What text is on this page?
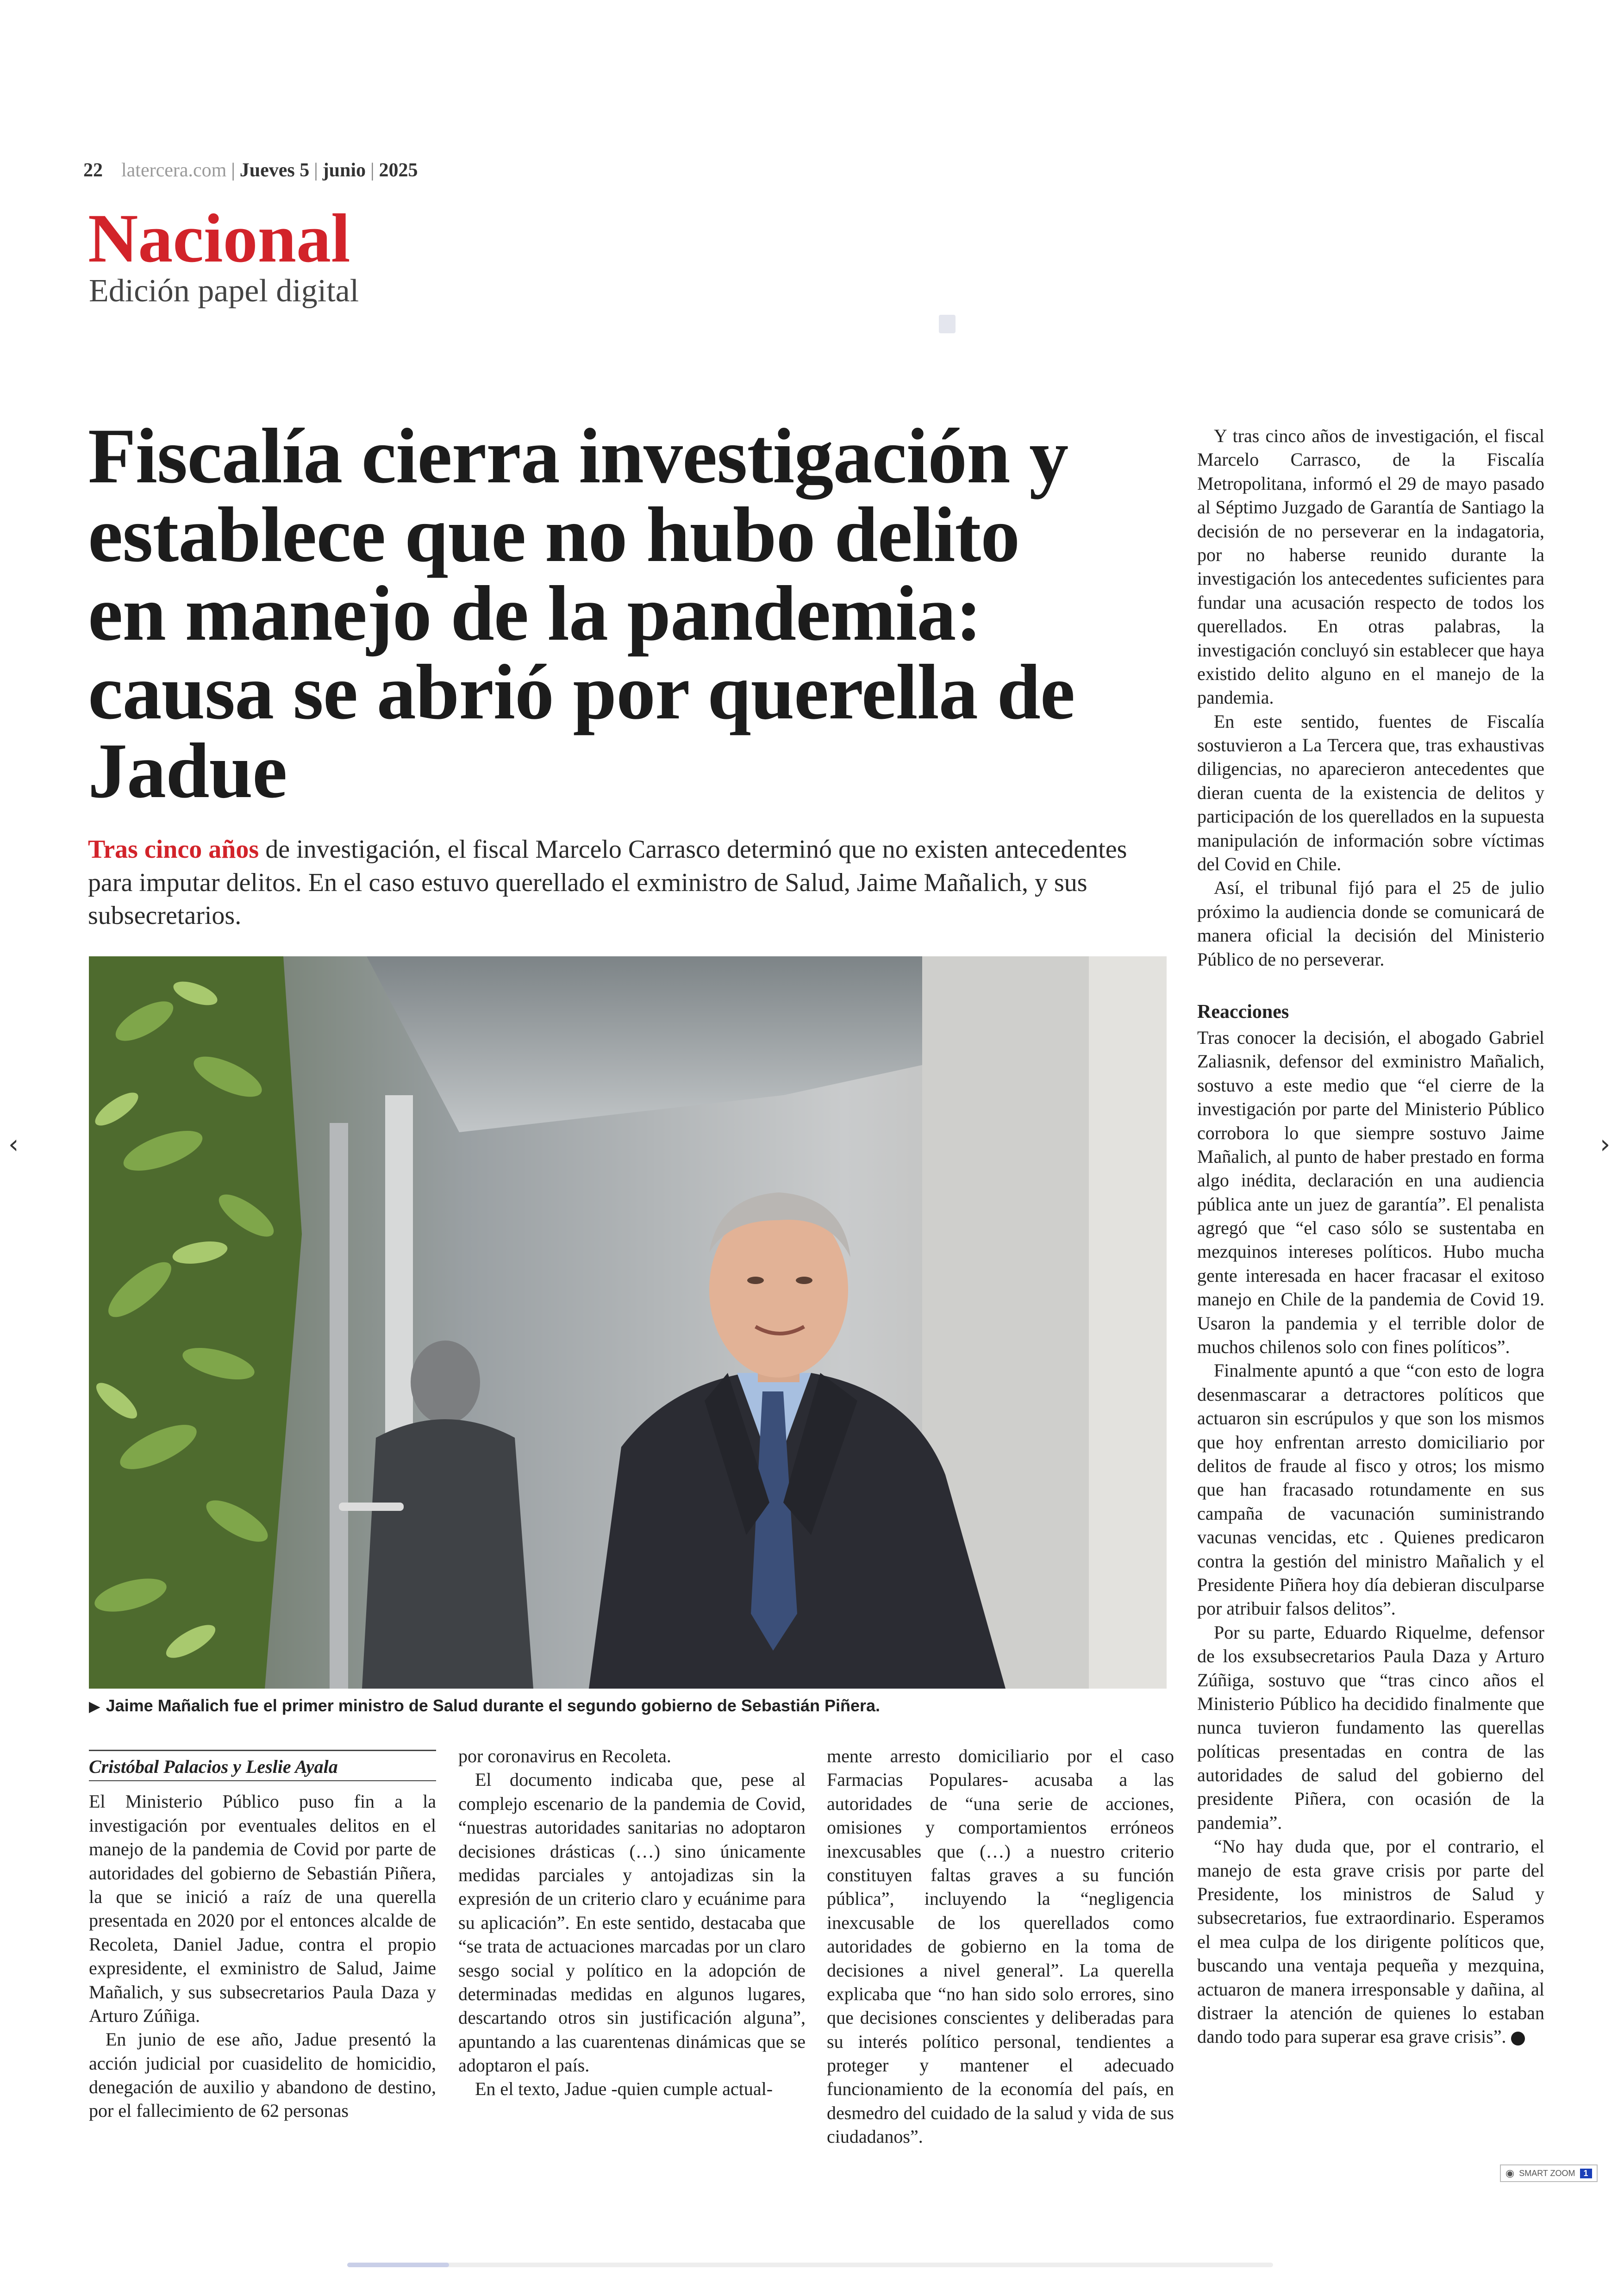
22 latercera.com | Jueves 5 | junio | 2025
Nacional
Edición papel digital
Fiscalía cierra investigación y establece que no hubo delito en manejo de la pandemia: causa se abrió por querella de Jadue
Tras cinco años de investigación, el fiscal Marcelo Carrasco determinó que no existen antecedentes para imputar delitos. En el caso estuvo querellado el exministro de Salud, Jaime Mañalich, y sus subsecretarios.
▶ Jaime Mañalich fue el primer ministro de Salud durante el segundo gobierno de Sebastián Piñera.
Cristóbal Palacios y Leslie Ayala

El Ministerio Público puso fin a la investigación por eventuales delitos en el manejo de la pandemia de Covid por parte de autoridades del gobierno de Sebastián Piñera, la que se inició a raíz de una querella presentada en 2020 por el entonces alcalde de Recoleta, Daniel Jadue, contra el propio expresidente, el exministro de Salud, Jaime Mañalich, y sus subsecretarios Paula Daza y Arturo Zúñiga.

En junio de ese año, Jadue presentó la acción judicial por cuasidelito de homicidio, denegación de auxilio y abandono de destino, por el fallecimiento de 62 personas

por coronavirus en Recoleta.

El documento indicaba que, pese al complejo escenario de la pandemia de Covid, “nuestras autoridades sanitarias no adoptaron decisiones drásticas (…) sino únicamente medidas parciales y antojadizas sin la expresión de un criterio claro y ecuánime para su aplicación”. En este sentido, destacaba que “se trata de actuaciones marcadas por un claro sesgo social y político en la adopción de determinadas medidas en algunos lugares, descartando otros sin justificación alguna”, apuntando a las cuarentenas dinámicas que se adoptaron el país.

En el texto, Jadue -quien cumple actual-

mente arresto domiciliario por el caso Farmacias Populares- acusaba a las autoridades de “una serie de acciones, omisiones y comportamientos erróneos inexcusables que (…) a nuestro criterio constituyen faltas graves a su función pública”, incluyendo la “negligencia inexcusable de los querellados como autoridades de gobierno en la toma de decisiones a nivel general”. La querella explicaba que “no han sido solo errores, sino que decisiones conscientes y deliberadas para su interés político personal, tendientes a proteger y mantener el adecuado funcionamiento de la economía del país, en desmedro del cuidado de la salud y vida de sus ciudadanos”.

Y tras cinco años de investigación, el fiscal Marcelo Carrasco, de la Fiscalía Metropolitana, informó el 29 de mayo pasado al Séptimo Juzgado de Garantía de Santiago la decisión de no perseverar en la indagatoria, por no haberse reunido durante la investigación los antecedentes suficientes para fundar una acusación respecto de todos los querellados. En otras palabras, la investigación concluyó sin establecer que haya existido delito alguno en el manejo de la pandemia.

En este sentido, fuentes de Fiscalía sostuvieron a La Tercera que, tras exhaustivas diligencias, no aparecieron antecedentes que dieran cuenta de la existencia de delitos y participación de los querellados en la supuesta manipulación de información sobre víctimas del Covid en Chile.

Así, el tribunal fijó para el 25 de julio próximo la audiencia donde se comunicará de manera oficial la decisión del Ministerio Público de no perseverar.

Reacciones

Tras conocer la decisión, el abogado Gabriel Zaliasnik, defensor del exministro Mañalich, sostuvo a este medio que “el cierre de la investigación por parte del Ministerio Público corrobora lo que siempre sostuvo Jaime Mañalich, al punto de haber prestado en forma algo inédita, declaración en una audiencia pública ante un juez de garantía”. El penalista agregó que “el caso sólo se sustentaba en mezquinos intereses políticos. Hubo mucha gente interesada en hacer fracasar el exitoso manejo en Chile de la pandemia de Covid 19. Usaron la pandemia y el terrible dolor de muchos chilenos solo con fines políticos”.

Finalmente apuntó a que “con esto de logra desenmascarar a detractores políticos que actuaron sin escrúpulos y que son los mismos que hoy enfrentan arresto domiciliario por delitos de fraude al fisco y otros; los mismo que han fracasado rotundamente en sus campaña de vacunación suministrando vacunas vencidas, etc . Quienes predicaron contra la gestión del ministro Mañalich y el Presidente Piñera hoy día debieran disculparse por atribuir falsos delitos”.

Por su parte, Eduardo Riquelme, defensor de los exsubsecretarios Paula Daza y Arturo Zúñiga, sostuvo que “tras cinco años el Ministerio Público ha decidido finalmente que nunca tuvieron fundamento las querellas políticas presentadas en contra de las autoridades de salud del gobierno del presidente Piñera, con ocasión de la pandemia”.

“No hay duda que, por el contrario, el manejo de esta grave crisis por parte del Presidente, los ministros de Salud y subsecretarios, fue extraordinario. Esperamos el mea culpa de los dirigente políticos que, buscando una ventaja pequeña y mezquina, actuaron de manera irresponsable y dañina, al distraer la atención de quienes lo estaban dando todo para superar esa grave crisis”.

‹	›
◉ SMART ZOOM	1
